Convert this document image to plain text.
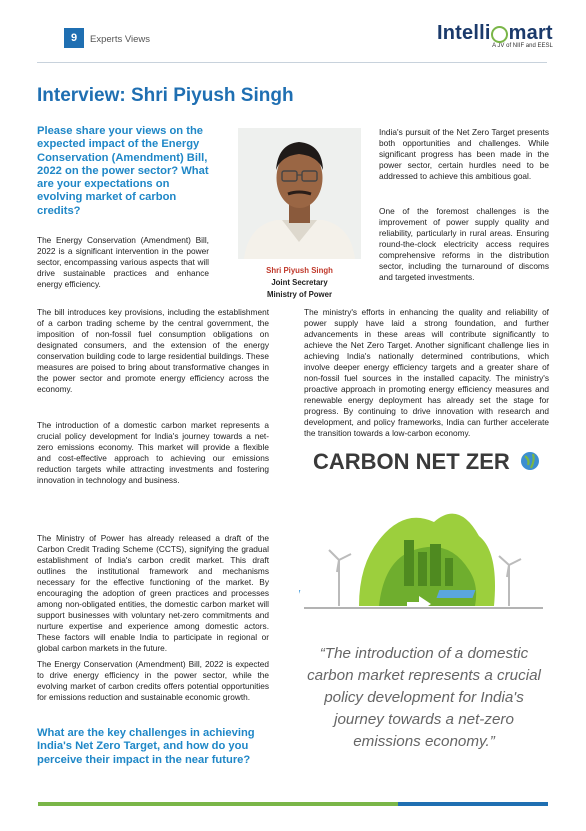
9	Experts Views	Intelli mart
A JV of NIIF and EESL
Interview: Shri Piyush Singh

Please share your views on the expected impact of the Energy Conservation (Amendment) Bill, 2022 on the power sector? What are your expectations on evolving market of carbon credits?

The Energy Conservation (Amendment) Bill, 2022 is a significant intervention in the power sector, encompassing various aspects that will drive sustainable practices and enhance energy efficiency.

The bill introduces key provisions, including the establishment of a carbon trading scheme by the central government, the imposition of non-fossil fuel consumption obligations on designated consumers, and the extension of the energy conservation building code to large residential buildings. These measures are poised to bring about transformative changes in the power sector and promote energy efficiency across the economy.

The introduction of a domestic carbon market represents a crucial policy development for India's journey towards a net-zero emissions economy. This market will provide a flexible and cost-effective approach to achieving our emissions reduction targets while attracting investments and fostering innovation in technology and business.

The Ministry of Power has already released a draft of the Carbon Credit Trading Scheme (CCTS), signifying the gradual establishment of India's carbon credit market. This draft outlines the institutional framework and mechanisms necessary for the effective functioning of the market. By encouraging the adoption of green practices and processes among non-obligated entities, the domestic carbon market will support businesses with voluntary net-zero commitments and nurture expertise and experience among domestic actors. These factors will enable India to participate in regional or global carbon markets in the future.

The Energy Conservation (Amendment) Bill, 2022 is expected to drive energy efficiency in the power sector, while the evolving market of carbon credits offers potential opportunities for emissions reduction and sustainable economic growth.

What are the key challenges in achieving India's Net Zero Target, and how do you perceive their impact in the near future?

Shri Piyush Singh
Joint Secretary
Ministry of Power

India's pursuit of the Net Zero Target presents both opportunities and challenges. While significant progress has been made in the power sector, certain hurdles need to be addressed to achieve this ambitious goal.

One of the foremost challenges is the improvement of power supply quality and reliability, particularly in rural areas. Ensuring round-the-clock electricity access requires comprehensive reforms in the distribution sector, including the turnaround of discoms and targeted investments.

The ministry's efforts in enhancing the quality and reliability of power supply have laid a strong foundation, and further advancements in these areas will contribute significantly to achieve the Net Zero Target. Another significant challenge lies in achieving India's nationally determined contributions, which involve deeper energy efficiency targets and a greater share of non-fossil fuel sources in the installed capacity. The ministry's proactive approach in promoting energy efficiency measures and renewable energy deployment has already set the stage for progress. By continuing to drive innovation with research and development, and policy frameworks, India can further accelerate the transition towards a low-carbon economy.

CARBON NET ZER

“The introduction of a domestic carbon market represents a crucial policy development for India's journey towards a net-zero emissions economy.”
